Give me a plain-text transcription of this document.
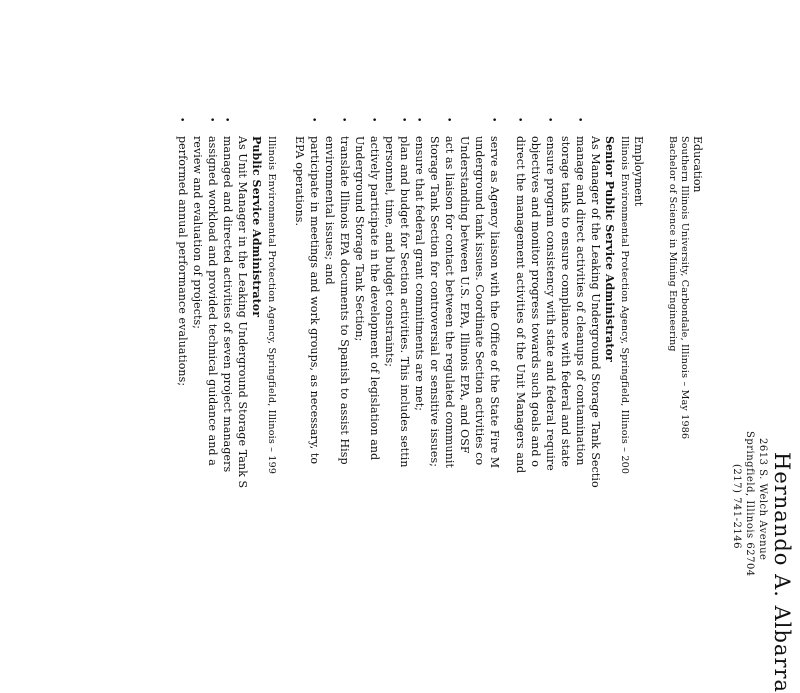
Hernando A. Albarra
2613 S. Welch Avenue
Springfield, Illinois 62704
(217) 741-2146
Education
Southern Illinois University, Carbondale, Illinois – May 1986
Bachelor of Science in Mining Engineering
Employment
Illinois Environmental Protection Agency, Springfield, Illinois – 200
Senior Public Service Administrator
As Manager of the Leaking Underground Storage Tank Sectio
•
manage and direct activities of cleanups of contamination
storage tanks to ensure compliance with federal and state
•
ensure program consistency with state and federal require
objectives and monitor progress towards such goals and o
•
direct the management activities of the Unit Managers and
•
serve as Agency liaison with the Office of the State Fire M
underground tank issues. Coordinate Section activities co
Understanding between U.S. EPA, Illinois EPA, and OSF
•
act as liaison for contact between the regulated communit
Storage Tank Section for controversial or sensitive issues;
•
ensure that federal grant commitments are met;
•
plan and budget for Section activities. This includes settin
personnel, time, and budget constraints;
•
actively participate in the development of legislation and
Underground Storage Tank Section;
•
translate Illinois EPA documents to Spanish to assist Hisp
environmental issues; and
•
participate in meetings and work groups, as necessary, to
EPA operations.
Illinois Environmental Protection Agency, Springfield, Illinois – 199
Public Service Administrator
As Unit Manager in the Leaking Underground Storage Tank S
•
managed and directed activities of seven project managers
•
assigned workload and provided technical guidance and a
review and evaluation of projects;
•
performed annual performance evaluations;
